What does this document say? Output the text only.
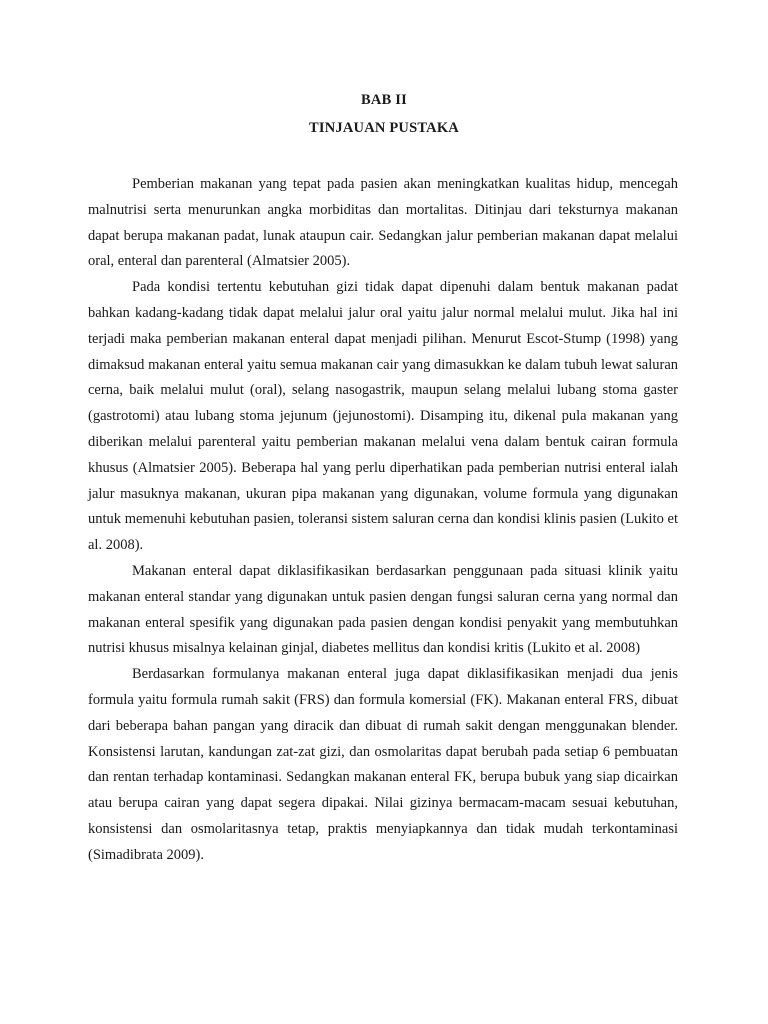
BAB II
TINJAUAN PUSTAKA

Pemberian makanan yang tepat pada pasien akan meningkatkan kualitas hidup, mencegah malnutrisi serta menurunkan angka morbiditas dan mortalitas. Ditinjau dari teksturnya makanan dapat berupa makanan padat, lunak ataupun cair. Sedangkan jalur pemberian makanan dapat melalui oral, enteral dan parenteral (Almatsier 2005).

Pada kondisi tertentu kebutuhan gizi tidak dapat dipenuhi dalam bentuk makanan padat bahkan kadang-kadang tidak dapat melalui jalur oral yaitu jalur normal melalui mulut. Jika hal ini terjadi maka pemberian makanan enteral dapat menjadi pilihan. Menurut Escot-Stump (1998) yang dimaksud makanan enteral yaitu semua makanan cair yang dimasukkan ke dalam tubuh lewat saluran cerna, baik melalui mulut (oral), selang nasogastrik, maupun selang melalui lubang stoma gaster (gastrotomi) atau lubang stoma jejunum (jejunostomi). Disamping itu, dikenal pula makanan yang diberikan melalui parenteral yaitu pemberian makanan melalui vena dalam bentuk cairan formula khusus (Almatsier 2005). Beberapa hal yang perlu diperhatikan pada pemberian nutrisi enteral ialah jalur masuknya makanan, ukuran pipa makanan yang digunakan, volume formula yang digunakan untuk memenuhi kebutuhan pasien, toleransi sistem saluran cerna dan kondisi klinis pasien (Lukito et al. 2008).

Makanan enteral dapat diklasifikasikan berdasarkan penggunaan pada situasi klinik yaitu makanan enteral standar yang digunakan untuk pasien dengan fungsi saluran cerna yang normal dan makanan enteral spesifik yang digunakan pada pasien dengan kondisi penyakit yang membutuhkan nutrisi khusus misalnya kelainan ginjal, diabetes mellitus dan kondisi kritis (Lukito et al. 2008)

Berdasarkan formulanya makanan enteral juga dapat diklasifikasikan menjadi dua jenis formula yaitu formula rumah sakit (FRS) dan formula komersial (FK). Makanan enteral FRS, dibuat dari beberapa bahan pangan yang diracik dan dibuat di rumah sakit dengan menggunakan blender. Konsistensi larutan, kandungan zat-zat gizi, dan osmolaritas dapat berubah pada setiap 6 pembuatan dan rentan terhadap kontaminasi. Sedangkan makanan enteral FK, berupa bubuk yang siap dicairkan atau berupa cairan yang dapat segera dipakai. Nilai gizinya bermacam-macam sesuai kebutuhan, konsistensi dan osmolaritasnya tetap, praktis menyiapkannya dan tidak mudah terkontaminasi (Simadibrata 2009).
